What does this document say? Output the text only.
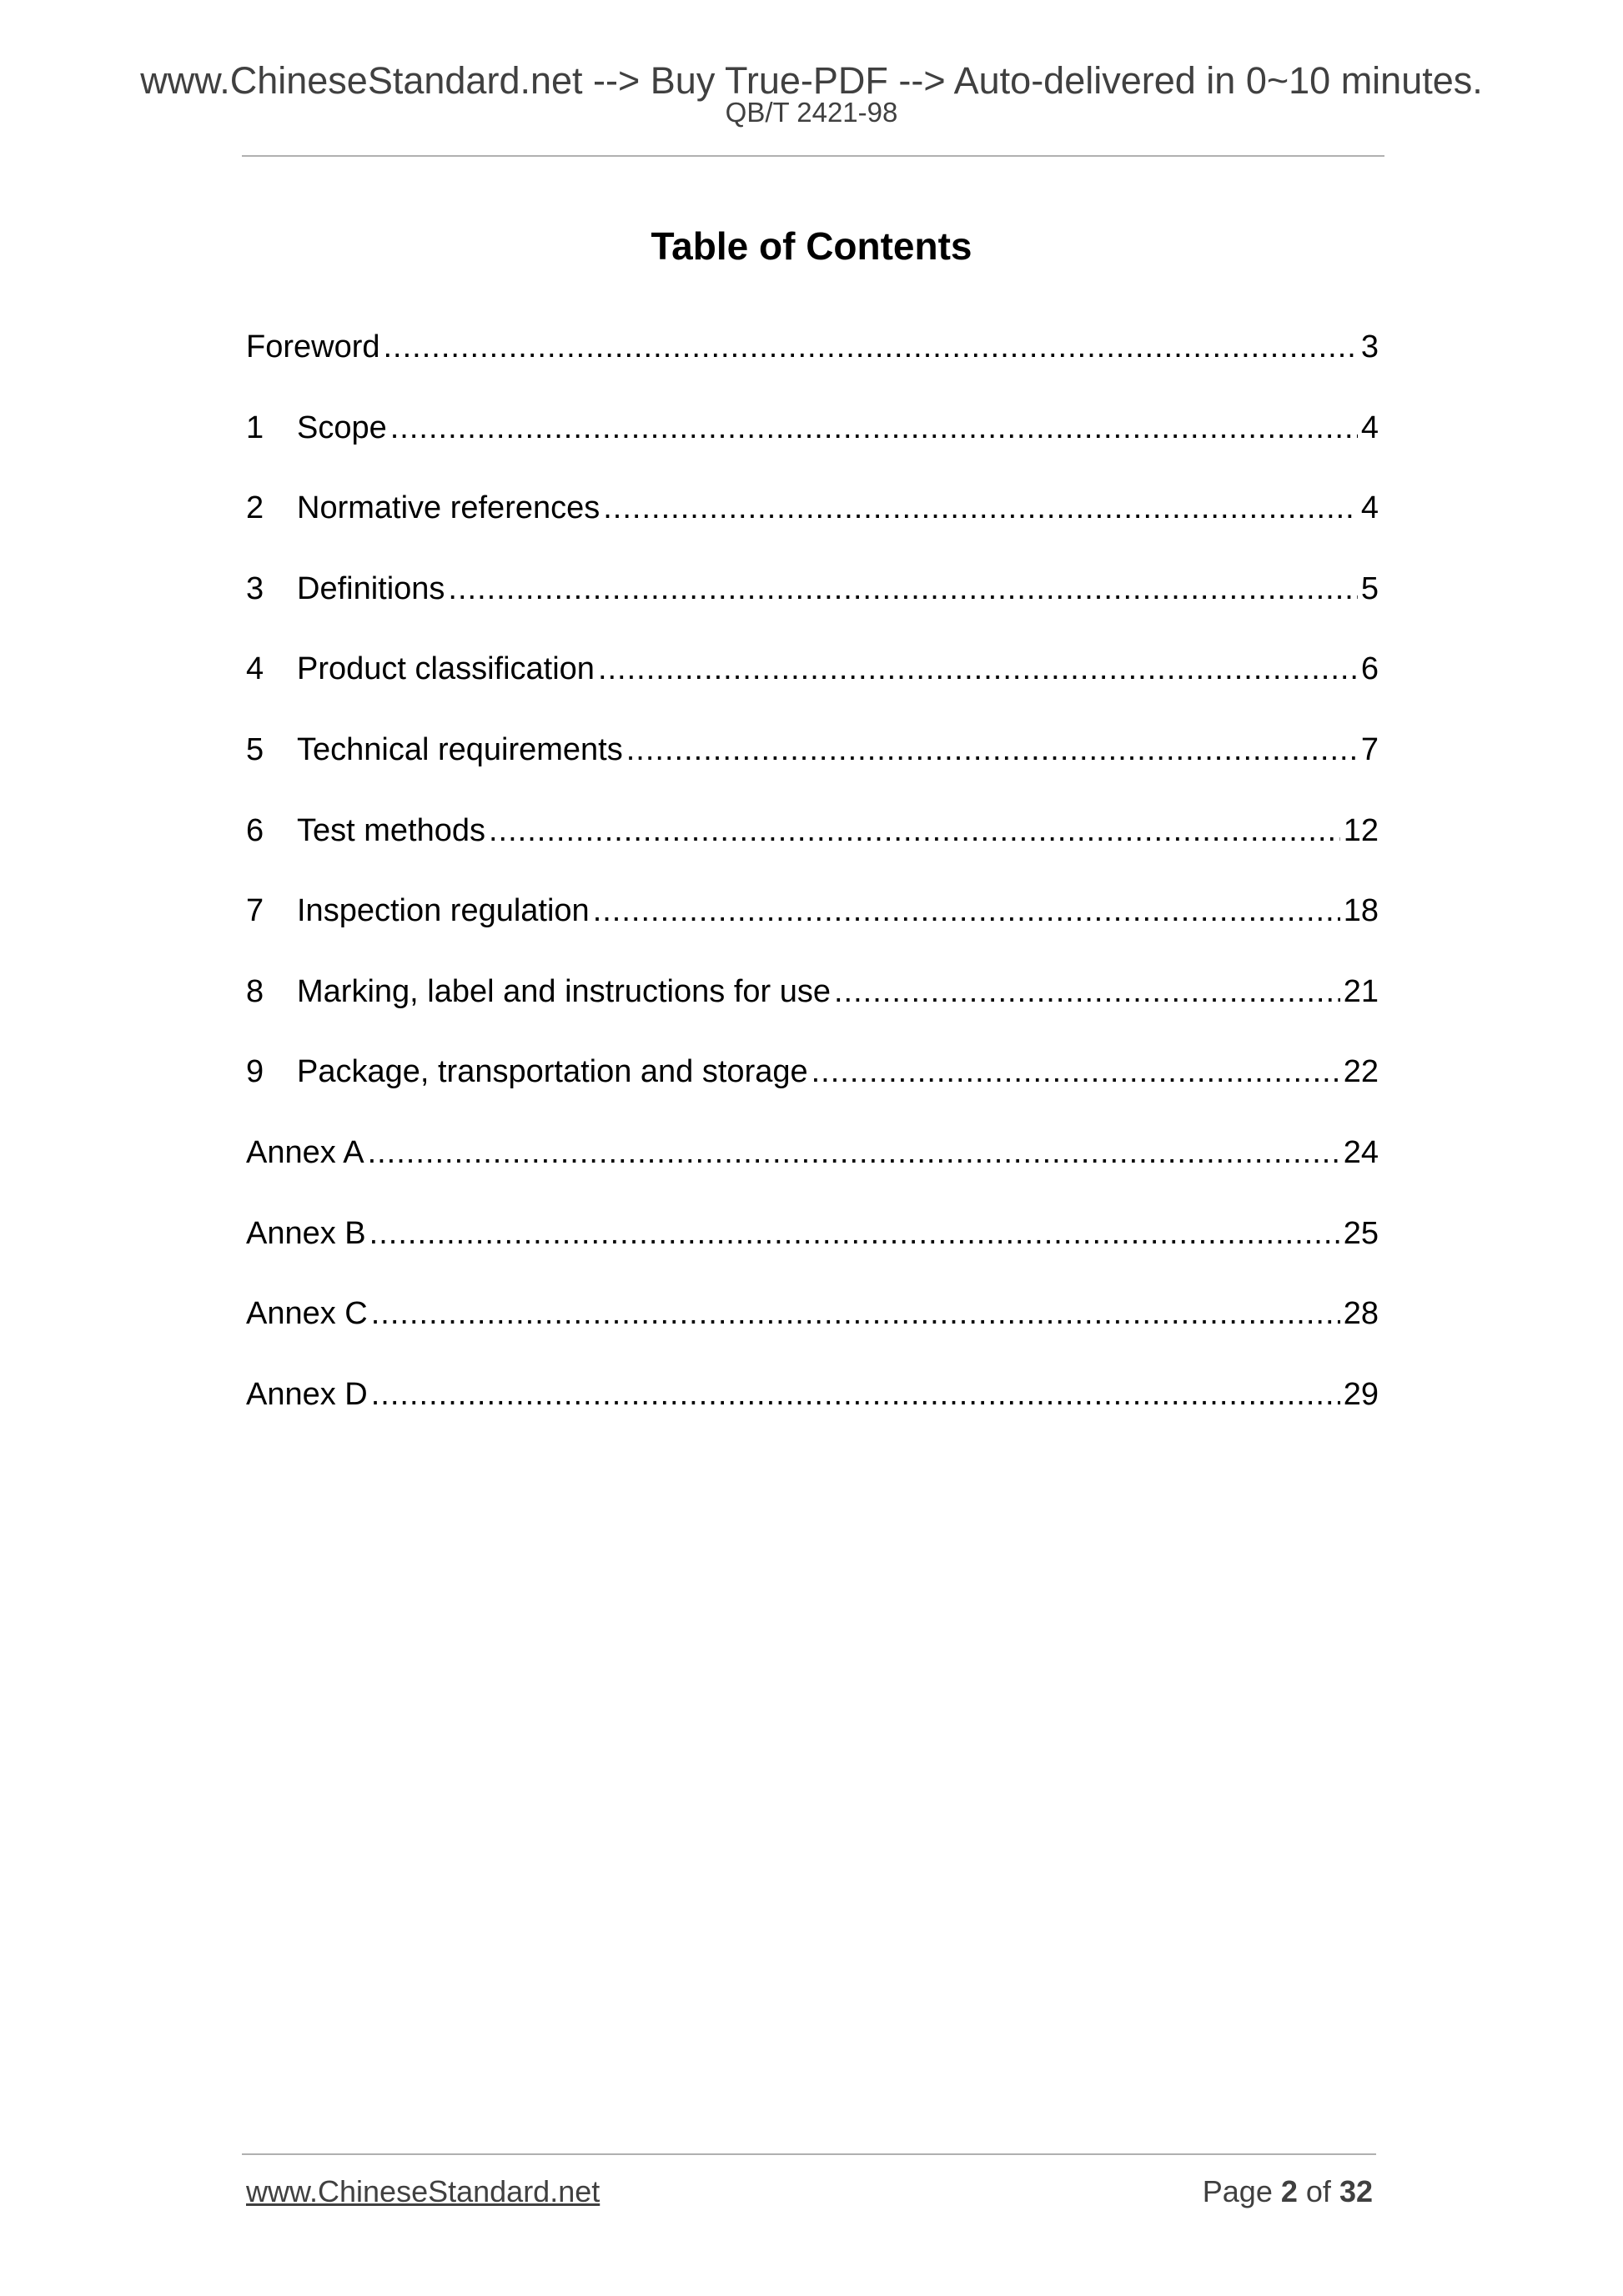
www.ChineseStandard.net --> Buy True-PDF --> Auto-delivered in 0~10 minutes.
QB/T 2421-98
Table of Contents
Foreword .....	3
1	Scope .....	4
2	Normative references .....	4
3	Definitions .....	5
4	Product classification .....	6
5	Technical requirements .....	7
6	Test methods .....	12
7	Inspection regulation .....	18
8	Marking, label and instructions for use .....	21
9	Package, transportation and storage .....	22
Annex A .....	24
Annex B .....	25
Annex C .....	28
Annex D .....	29
www.ChineseStandard.net	Page 2 of 32
